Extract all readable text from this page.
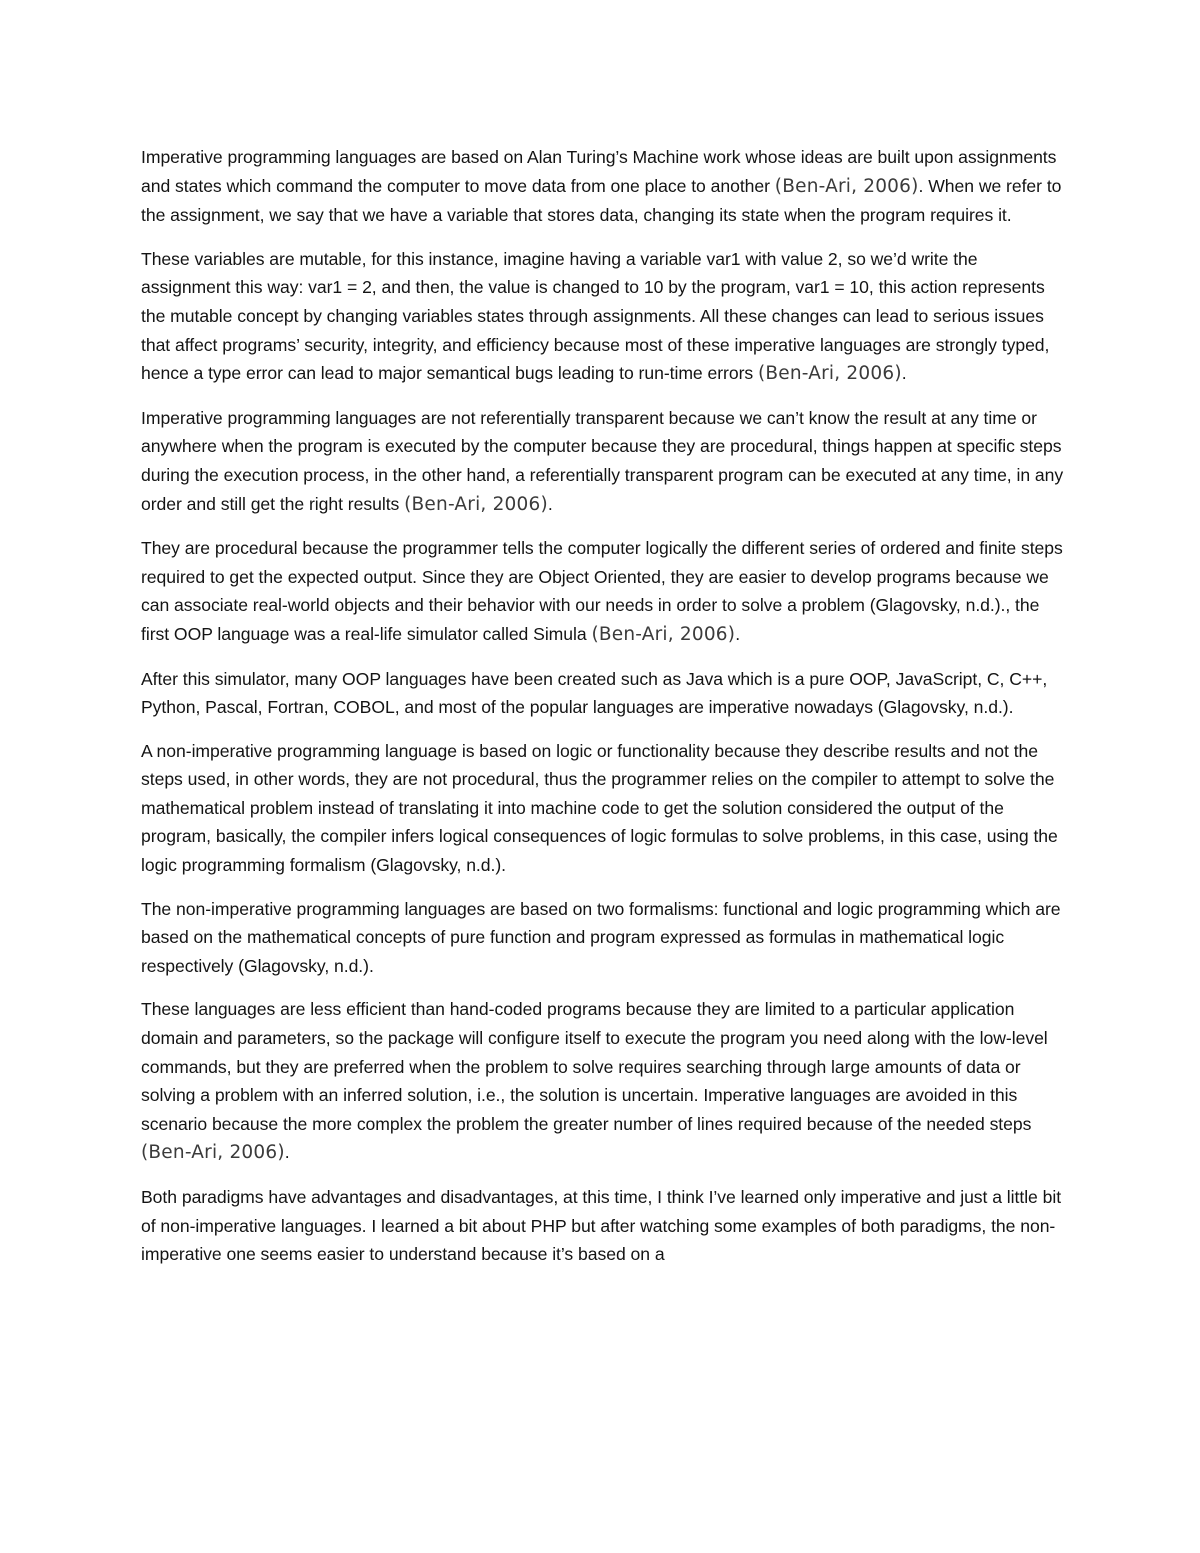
Imperative programming languages are based on Alan Turing’s Machine work whose ideas are built upon assignments and states which command the computer to move data from one place to another (Ben-Ari, 2006). When we refer to the assignment, we say that we have a variable that stores data, changing its state when the program requires it.

These variables are mutable, for this instance, imagine having a variable var1 with value 2, so we’d write the assignment this way: var1 = 2, and then, the value is changed to 10 by the program, var1 = 10, this action represents the mutable concept by changing variables states through assignments. All these changes can lead to serious issues that affect programs’ security, integrity, and efficiency because most of these imperative languages are strongly typed, hence a type error can lead to major semantical bugs leading to run-time errors (Ben-Ari, 2006).

Imperative programming languages are not referentially transparent because we can’t know the result at any time or anywhere when the program is executed by the computer because they are procedural, things happen at specific steps during the execution process, in the other hand, a referentially transparent program can be executed at any time, in any order and still get the right results (Ben-Ari, 2006).

They are procedural because the programmer tells the computer logically the different series of ordered and finite steps required to get the expected output. Since they are Object Oriented, they are easier to develop programs because we can associate real-world objects and their behavior with our needs in order to solve a problem (Glagovsky, n.d.)., the first OOP language was a real-life simulator called Simula (Ben-Ari, 2006).

After this simulator, many OOP languages have been created such as Java which is a pure OOP, JavaScript, C, C++, Python, Pascal, Fortran, COBOL, and most of the popular languages are imperative nowadays (Glagovsky, n.d.).

A non-imperative programming language is based on logic or functionality because they describe results and not the steps used, in other words, they are not procedural, thus the programmer relies on the compiler to attempt to solve the mathematical problem instead of translating it into machine code to get the solution considered the output of the program, basically, the compiler infers logical consequences of logic formulas to solve problems, in this case, using the logic programming formalism (Glagovsky, n.d.).

The non-imperative programming languages are based on two formalisms: functional and logic programming which are based on the mathematical concepts of pure function and program expressed as formulas in mathematical logic respectively (Glagovsky, n.d.).

These languages are less efficient than hand-coded programs because they are limited to a particular application domain and parameters, so the package will configure itself to execute the program you need along with the low-level commands, but they are preferred when the problem to solve requires searching through large amounts of data or solving a problem with an inferred solution, i.e., the solution is uncertain. Imperative languages are avoided in this scenario because the more complex the problem the greater number of lines required because of the needed steps (Ben-Ari, 2006).

Both paradigms have advantages and disadvantages, at this time, I think I’ve learned only imperative and just a little bit of non-imperative languages. I learned a bit about PHP but after watching some examples of both paradigms, the non-imperative one seems easier to understand because it’s based on a
